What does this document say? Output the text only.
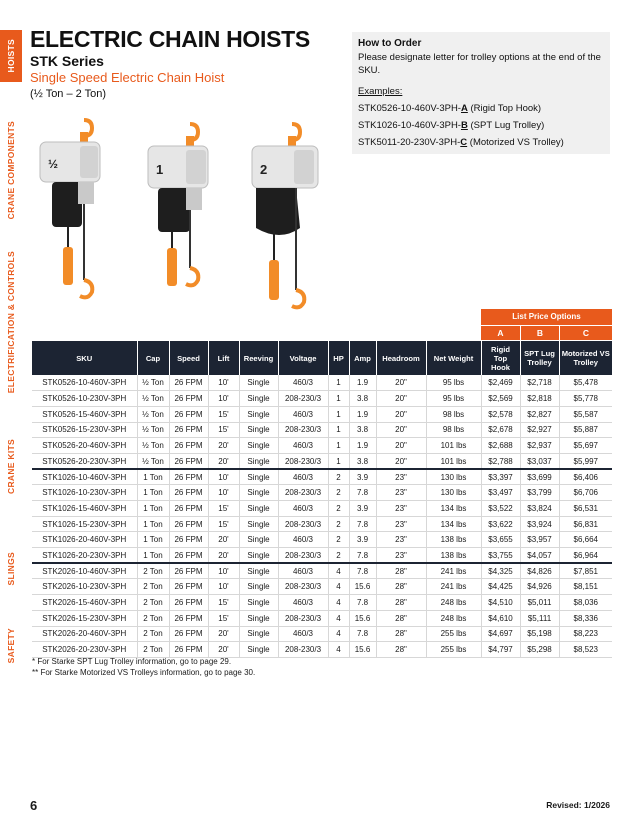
HOISTS
CRANE COMPONENTS
ELECTRIFICATION & CONTROLS
CRANE KITS
SLINGS
SAFETY
ELECTRIC CHAIN HOISTS
STK Series
Single Speed Electric Chain Hoist
(½ Ton – 2 Ton)
How to Order
Please designate letter for trolley options at the end of the SKU.
Examples:
STK0526-10-460V-3PH-A (Rigid Top Hook)
STK1026-10-460V-3PH-B (SPT Lug Trolley)
STK5011-20-230V-3PH-C (Motorized VS Trolley)
½	1	2
List Price Options
A	B	C
SKU	Cap	Speed	Lift	Reeving	Voltage	HP	Amp	Headroom	Net Weight	Rigid Top Hook	SPT Lug Trolley	Motorized VS Trolley
STK0526-10-460V-3PH	½ Ton	26 FPM	10'	Single	460/3	1	1.9	20"	95 lbs	$2,469	$2,718	$5,478
STK0526-10-230V-3PH	½ Ton	26 FPM	10'	Single	208-230/3	1	3.8	20"	95 lbs	$2,569	$2,818	$5,778
STK0526-15-460V-3PH	½ Ton	26 FPM	15'	Single	460/3	1	1.9	20"	98 lbs	$2,578	$2,827	$5,587
STK0526-15-230V-3PH	½ Ton	26 FPM	15'	Single	208-230/3	1	3.8	20"	98 lbs	$2,678	$2,927	$5,887
STK0526-20-460V-3PH	½ Ton	26 FPM	20'	Single	460/3	1	1.9	20"	101 lbs	$2,688	$2,937	$5,697
STK0526-20-230V-3PH	½ Ton	26 FPM	20'	Single	208-230/3	1	3.8	20"	101 lbs	$2,788	$3,037	$5,997
STK1026-10-460V-3PH	1 Ton	26 FPM	10'	Single	460/3	2	3.9	23"	130 lbs	$3,397	$3,699	$6,406
STK1026-10-230V-3PH	1 Ton	26 FPM	10'	Single	208-230/3	2	7.8	23"	130 lbs	$3,497	$3,799	$6,706
STK1026-15-460V-3PH	1 Ton	26 FPM	15'	Single	460/3	2	3.9	23"	134 lbs	$3,522	$3,824	$6,531
STK1026-15-230V-3PH	1 Ton	26 FPM	15'	Single	208-230/3	2	7.8	23"	134 lbs	$3,622	$3,924	$6,831
STK1026-20-460V-3PH	1 Ton	26 FPM	20'	Single	460/3	2	3.9	23"	138 lbs	$3,655	$3,957	$6,664
STK1026-20-230V-3PH	1 Ton	26 FPM	20'	Single	208-230/3	2	7.8	23"	138 lbs	$3,755	$4,057	$6,964
STK2026-10-460V-3PH	2 Ton	26 FPM	10'	Single	460/3	4	7.8	28"	241 lbs	$4,325	$4,826	$7,851
STK2026-10-230V-3PH	2 Ton	26 FPM	10'	Single	208-230/3	4	15.6	28"	241 lbs	$4,425	$4,926	$8,151
STK2026-15-460V-3PH	2 Ton	26 FPM	15'	Single	460/3	4	7.8	28"	248 lbs	$4,510	$5,011	$8,036
STK2026-15-230V-3PH	2 Ton	26 FPM	15'	Single	208-230/3	4	15.6	28"	248 lbs	$4,610	$5,111	$8,336
STK2026-20-460V-3PH	2 Ton	26 FPM	20'	Single	460/3	4	7.8	28"	255 lbs	$4,697	$5,198	$8,223
STK2026-20-230V-3PH	2 Ton	26 FPM	20'	Single	208-230/3	4	15.6	28"	255 lbs	$4,797	$5,298	$8,523
* For Starke SPT Lug Trolley information, go to page 29.
** For Starke Motorized VS Trolleys information, go to page 30.
6	Revised: 1/2026
